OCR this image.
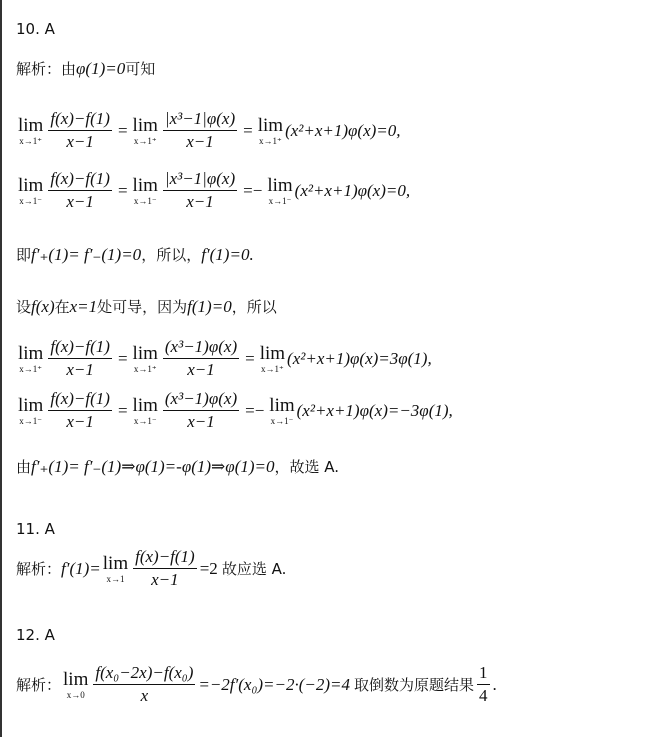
10. A
解析：由φ(1)=0可知
lim
$x\to 1^+ \frac{f(x)-f(1)}{x-1} = \lim$
$x\to 1^+ \frac{\text{|x³−1|φ(x)}}{x-1} = \lim$
x→1⁺
(x²+x+1)φ(x)=0,
lim
$x\to 1^- \frac{f(x)-f(1)}{x-1} = \lim$
$x\to 1^- \frac{\text{|x³−1|φ(x)}}{x-1} =- \lim$
x→1⁻
(x²+x+1)φ(x)=0,
即f′₊(1)= f′₋(1)=0，所以，f′(1)=0.
设f(x)在x=1处可导，因为f(1)=0，所以
lim
$x\to 1^+ \frac{f(x)-f(1)}{x-1} = \lim$
$x\to 1^+ \frac{\text{(x³−1)φ(x)}}{x-1} = \lim$
x→1⁺
(x²+x+1)φ(x)=3φ(1),
lim
$x\to 1^- \frac{f(x)-f(1)}{x-1} = \lim$
$x\to 1^- \frac{\text{(x³−1)φ(x)}}{x-1} =- \lim$
x→1⁻
(x²+x+1)φ(x)=−3φ(1),
由f′₊(1)= f′₋(1)⇒φ(1)=-φ(1)⇒φ(1)=0，故选 A.
11. A
解析： f′(1)= lim
$x\to 1 \frac{f(x)-f(1)}{x-1} =2$ 故应选 A.
12. A
解析： lim
$x\to 0 \frac{\text{f(x₀−2x)−f(x₀)}}{x} =-2f'(x_0)=-2\cdot(-2)=4$ 取倒数为原题结果 $\frac{1}{4}$ .
